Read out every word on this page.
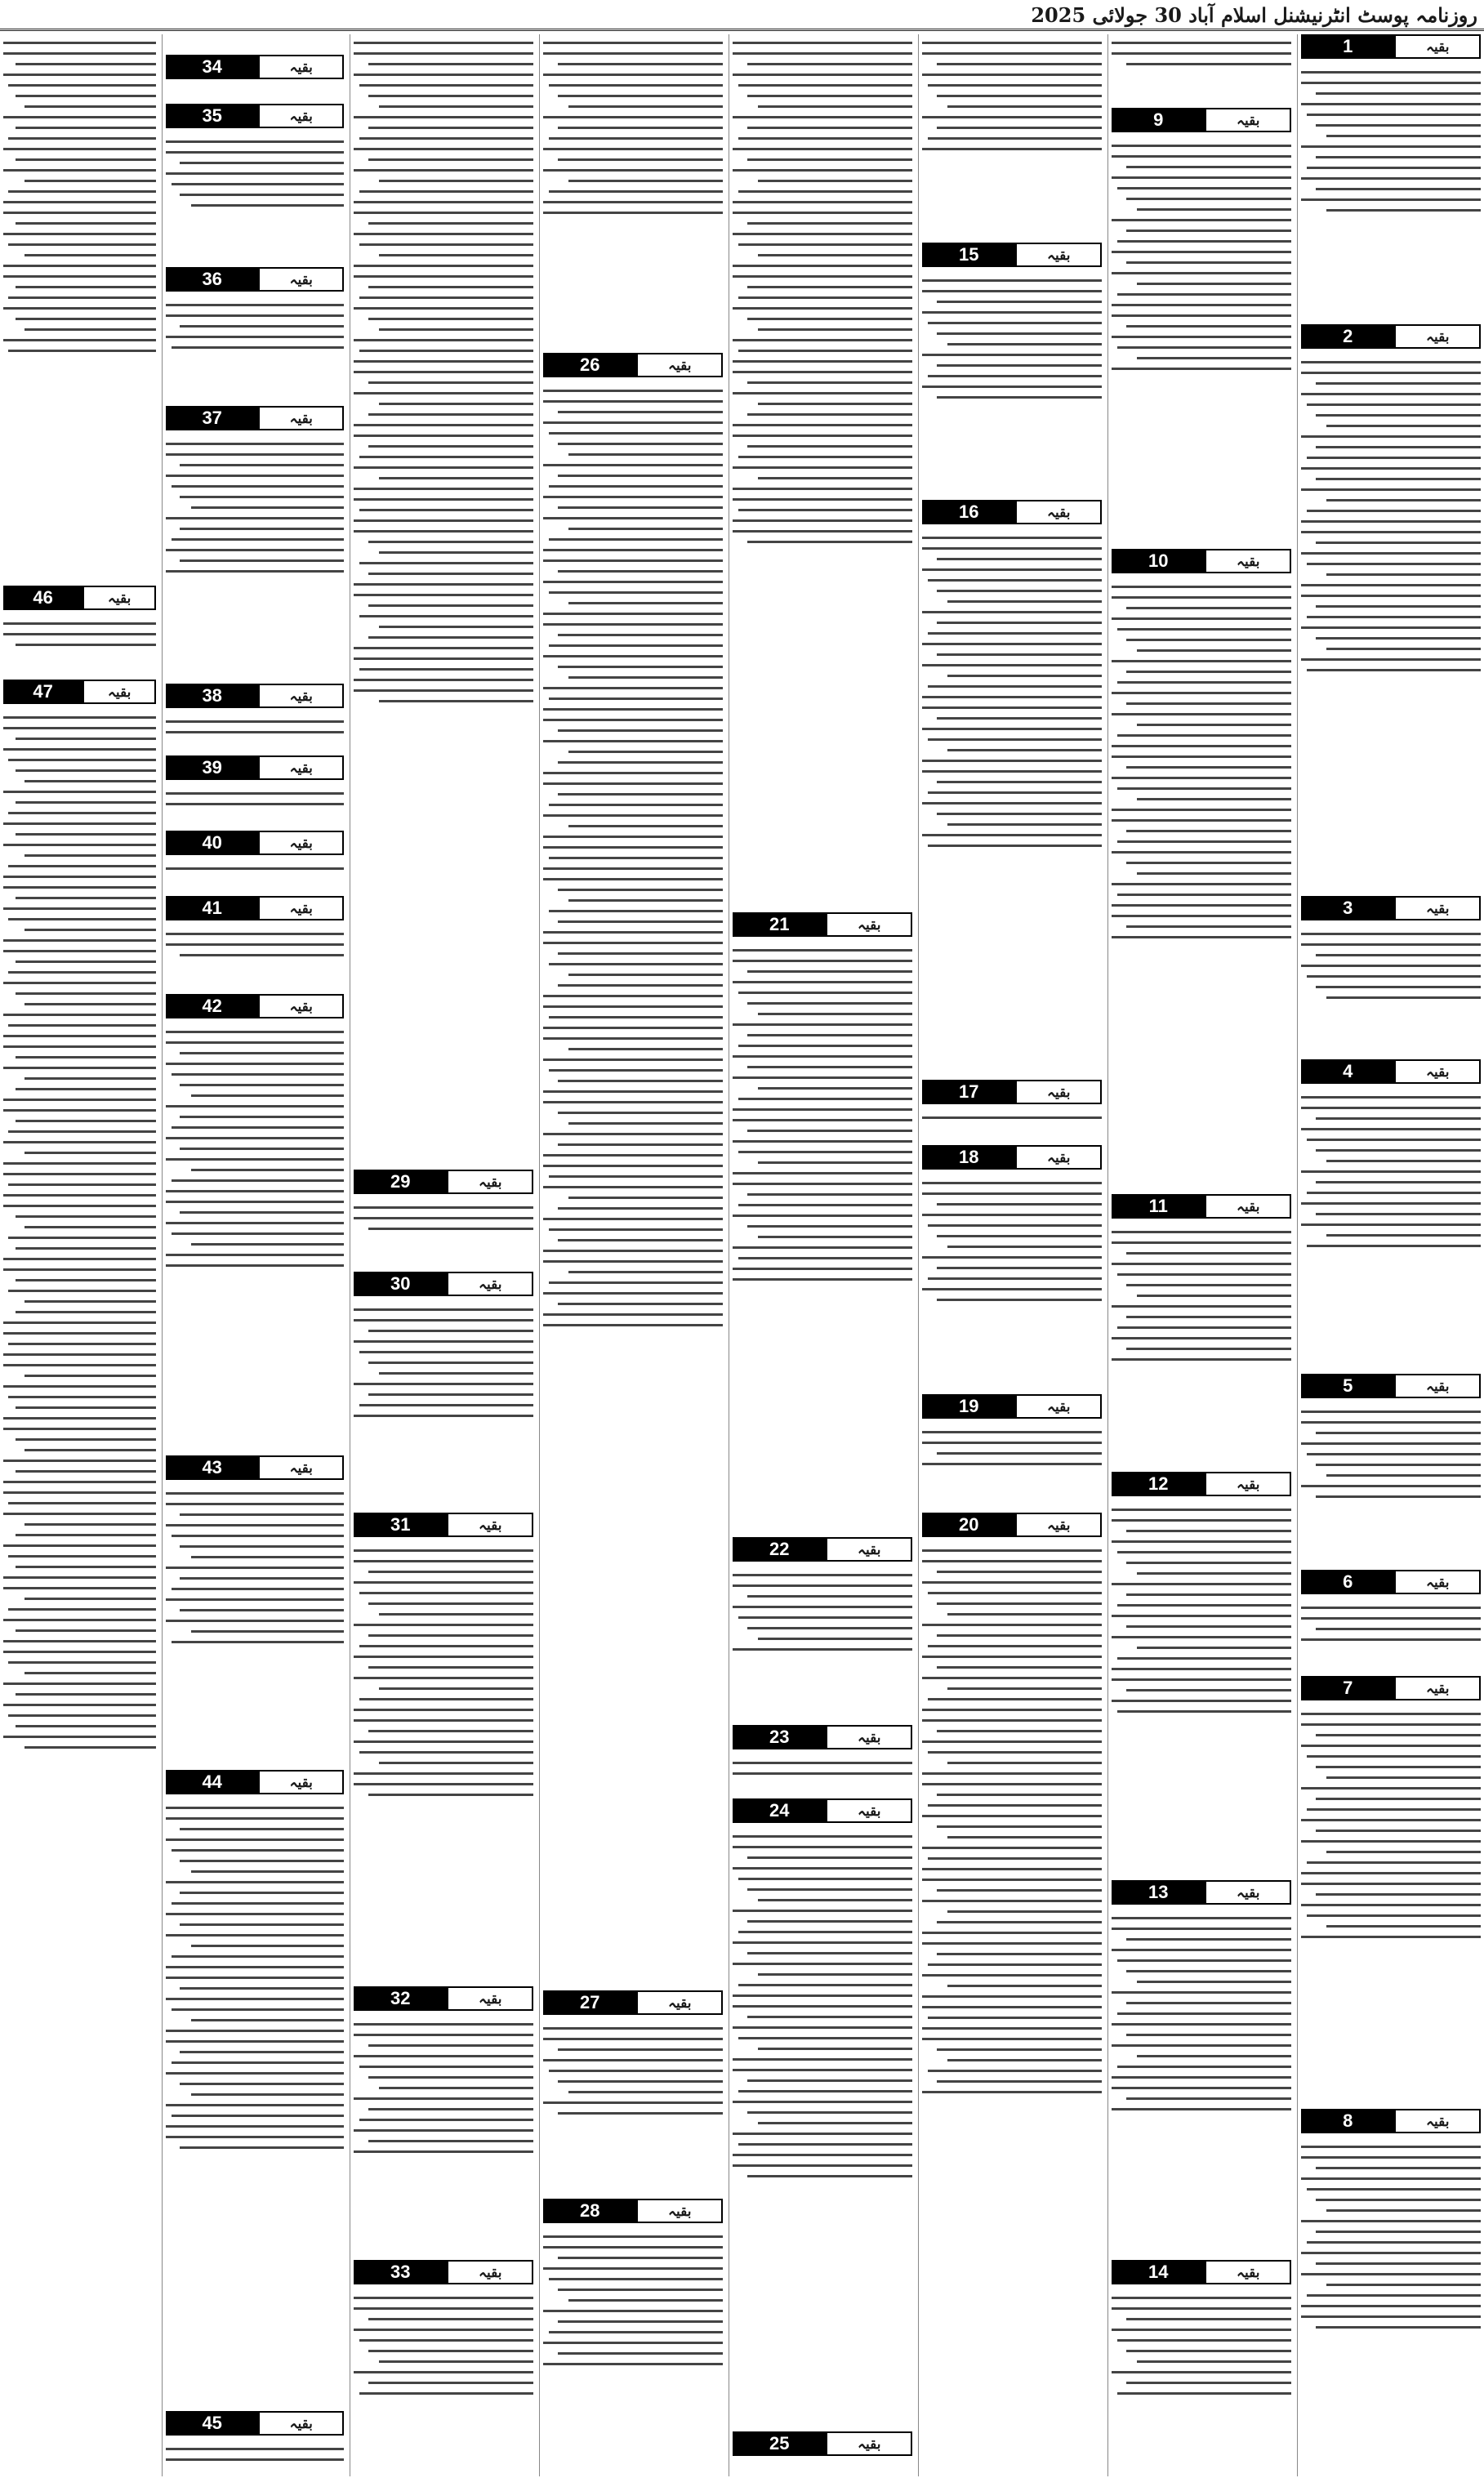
روزنامہ پوسٹ انٹرنیشنل اسلام آباد 30 جولائی 2025
بقیہ
1
بقیہ
2
بقیہ
3
بقیہ
4
بقیہ
5
بقیہ
6
بقیہ
7
بقیہ
8
بقیہ
9
بقیہ
10
بقیہ
11
بقیہ
12
بقیہ
13
بقیہ
14
بقیہ
15
بقیہ
16
بقیہ
17
بقیہ
18
بقیہ
19
بقیہ
20
بقیہ
21
بقیہ
22
بقیہ
23
بقیہ
24
بقیہ
25
بقیہ
26
بقیہ
27
بقیہ
28
بقیہ
29
بقیہ
30
بقیہ
31
بقیہ
32
بقیہ
33
بقیہ
34
بقیہ
35
بقیہ
36
بقیہ
37
بقیہ
38
بقیہ
39
بقیہ
40
بقیہ
41
بقیہ
42
بقیہ
43
بقیہ
44
بقیہ
45
بقیہ
46
بقیہ
47
